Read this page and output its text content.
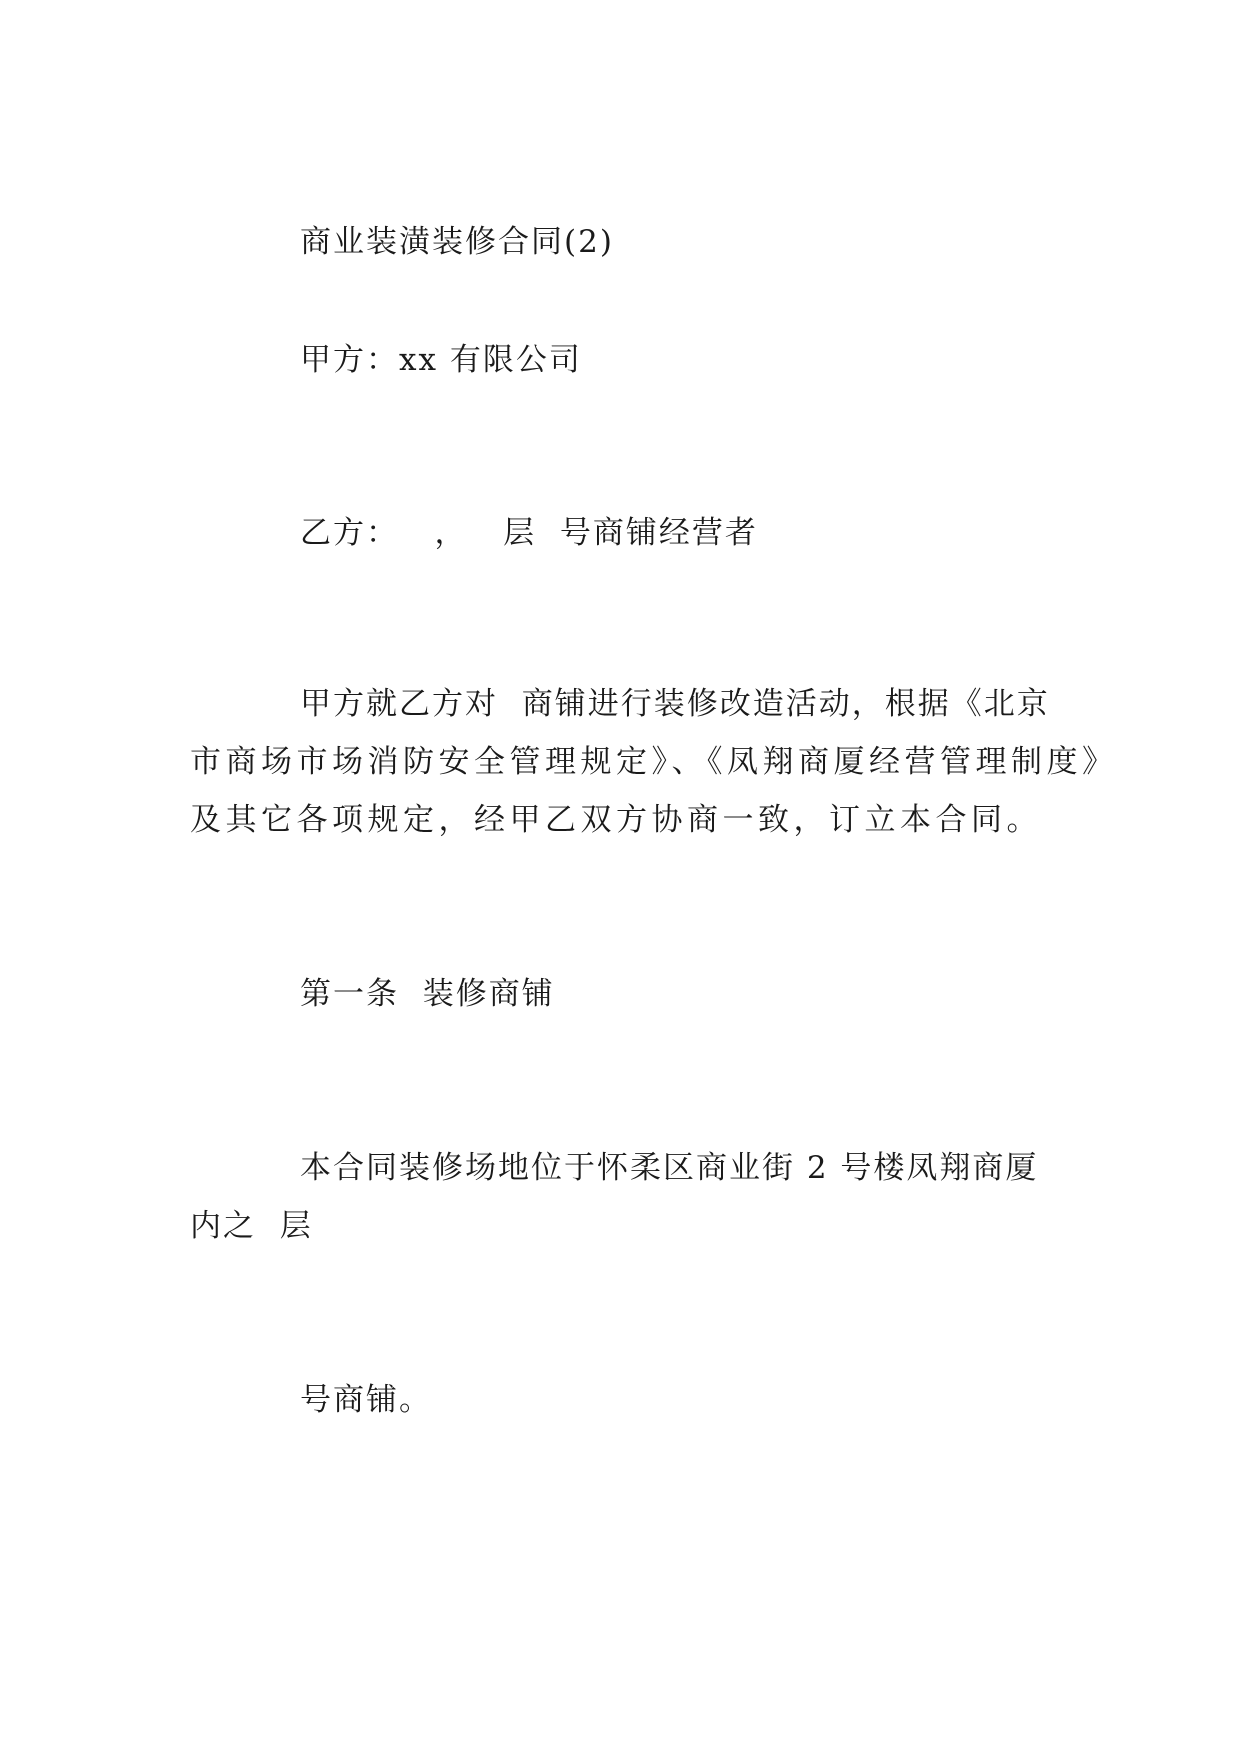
商业装潢装修合同(2)
甲方：xx 有限公司
乙方：   ，   层  号商铺经营者
甲方就乙方对  商铺进行装修改造活动，根据《北京
市商场市场消防安全管理规定》、《凤翔商厦经营管理制度》
及其它各项规定，经甲乙双方协商一致，订立本合同。
第一条  装修商铺
本合同装修场地位于怀柔区商业街 2 号楼凤翔商厦
内之  层
号商铺。
